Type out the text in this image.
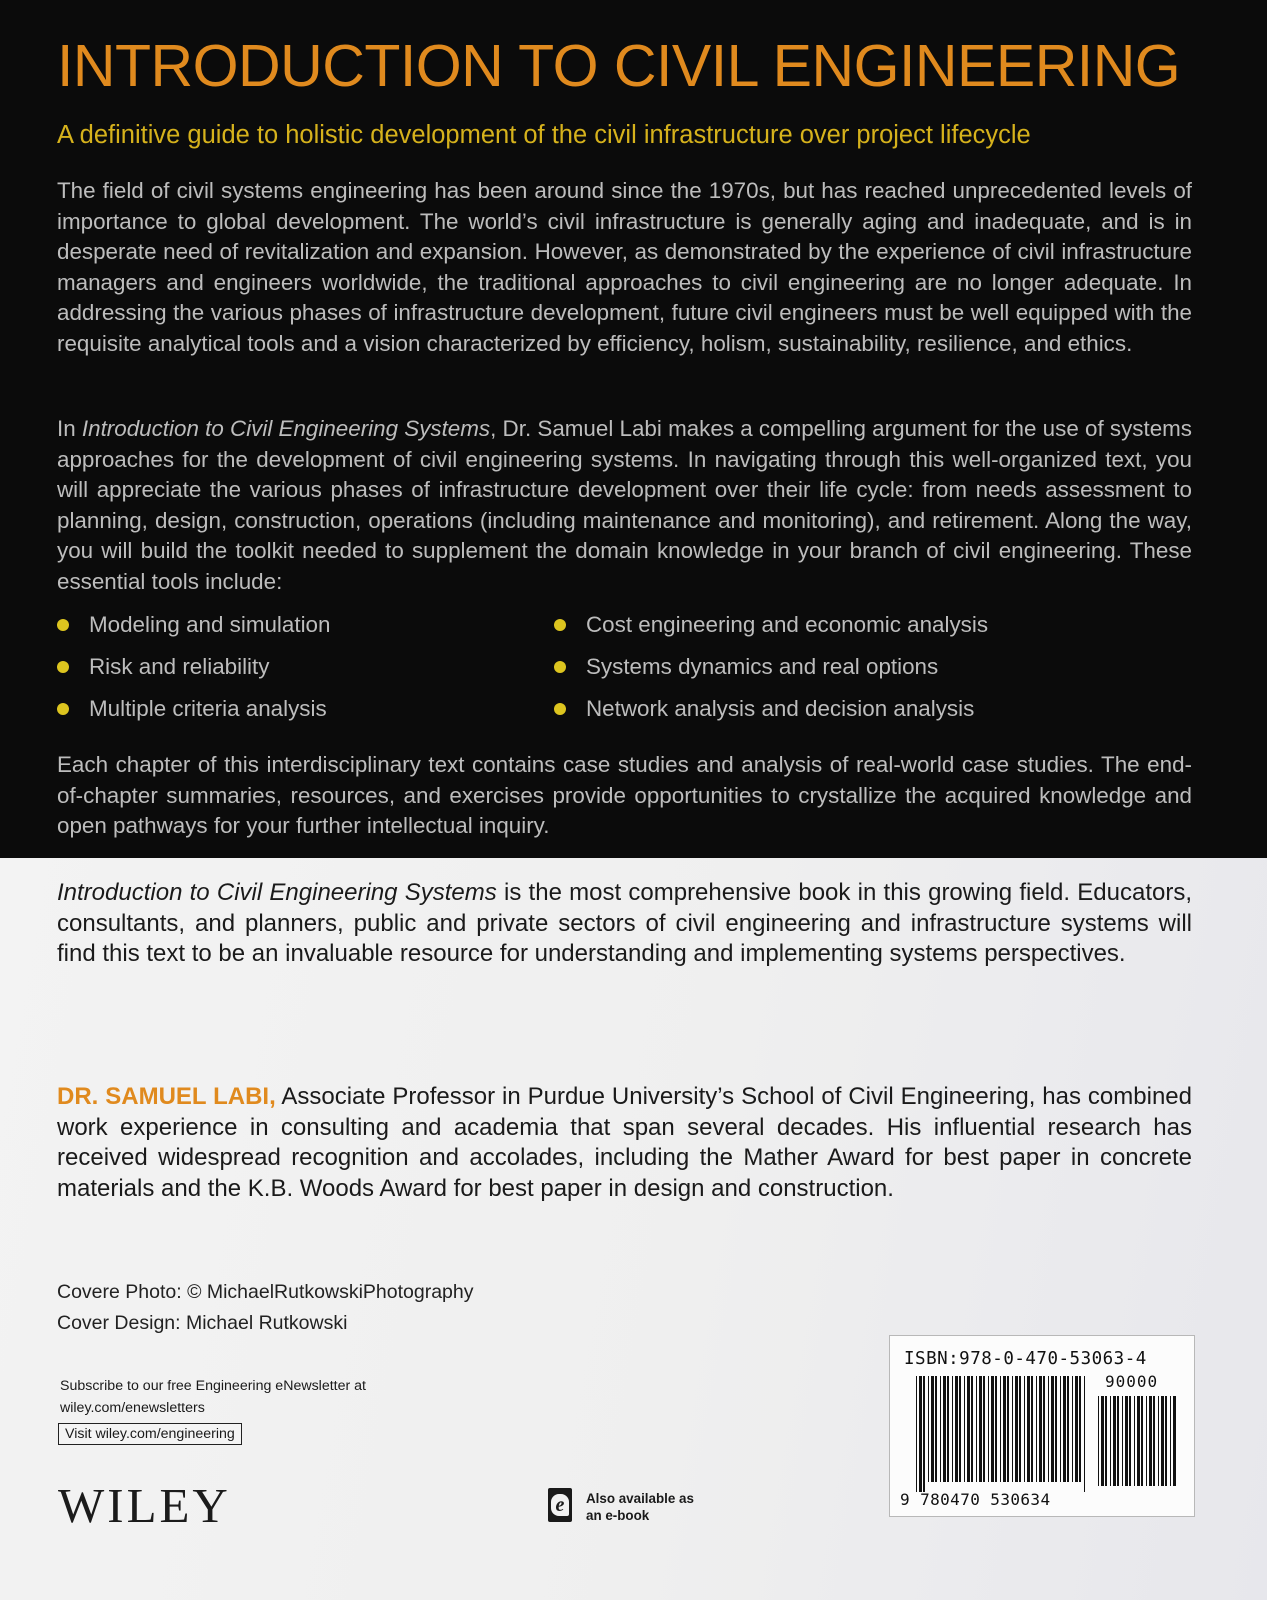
INTRODUCTION TO CIVIL ENGINEERING

A definitive guide to holistic development of the civil infrastructure over project lifecycle

The field of civil systems engineering has been around since the 1970s, but has reached unprecedented levels of importance to global development. The world’s civil infrastructure is generally aging and inadequate, and is in desperate need of revitalization and expansion. However, as demonstrated by the experience of civil infrastructure managers and engineers worldwide, the traditional approaches to civil engineering are no longer adequate. In addressing the various phases of infrastructure development, future civil engineers must be well equipped with the requisite analytical tools and a vision characterized by efficiency, holism, sustainability, resilience, and ethics.

In Introduction to Civil Engineering Systems, Dr. Samuel Labi makes a compelling argument for the use of systems approaches for the development of civil engineering systems. In navigating through this well-organized text, you will appreciate the various phases of infrastructure development over their life cycle: from needs assessment to planning, design, construction, operations (including maintenance and monitoring), and retirement. Along the way, you will build the toolkit needed to supplement the domain knowledge in your branch of civil engineering. These essential tools include:

Modeling and simulation
Risk and reliability
Multiple criteria analysis
Cost engineering and economic analysis
Systems dynamics and real options
Network analysis and decision analysis

Each chapter of this interdisciplinary text contains case studies and analysis of real-world case studies. The end-of-chapter summaries, resources, and exercises provide opportunities to crystallize the acquired knowledge and open pathways for your further intellectual inquiry.

Introduction to Civil Engineering Systems is the most comprehensive book in this growing field. Educators, consultants, and planners, public and private sectors of civil engineering and infrastructure systems will find this text to be an invaluable resource for understanding and implementing systems perspectives.

DR. SAMUEL LABI, Associate Professor in Purdue University’s School of Civil Engineering, has combined work experience in consulting and academia that span several decades. His influential research has received widespread recognition and accolades, including the Mather Award for best paper in concrete materials and the K.B. Woods Award for best paper in design and construction.

Covere Photo: © MichaelRutkowskiPhotography
Cover Design: Michael Rutkowski

Subscribe to our free Engineering eNewsletter at wiley.com/enewsletters

Visit wiley.com/engineering
WILEY	e	Also available as an e-book
ISBN:978-0-470-53063-4
90000
9 780470 530634
